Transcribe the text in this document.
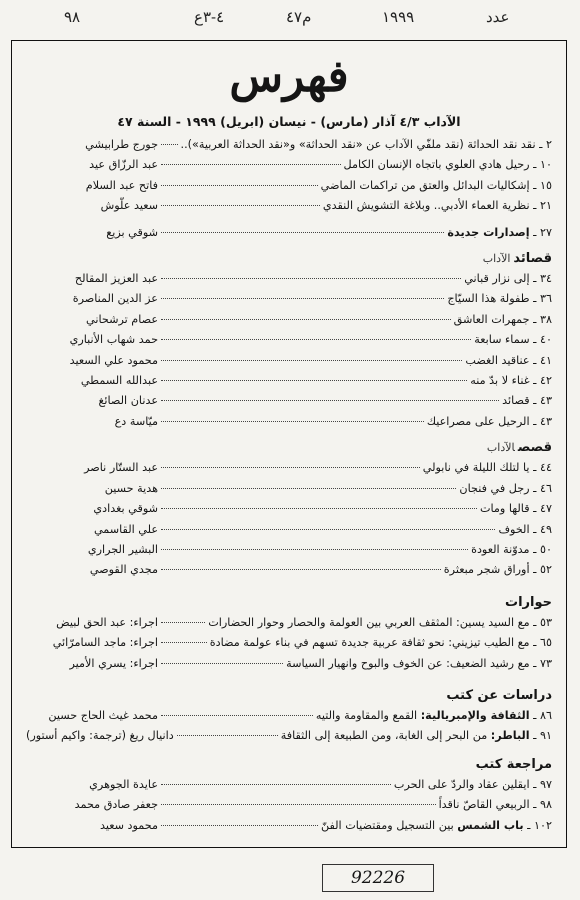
٩٨	٤-٣ع	م٤٧	١٩٩٩	عدد
فهرس
الآداب ٤/٣ آذار (مارس) - نيسان (ابريل) ١٩٩٩ - السنة ٤٧
٢ ـ نقد نقد الحداثة (نقد ملفّي الآداب عن «نقد الحداثة» و«نقد الحداثة العربية»)..
جورج طرابيشي
١٠ ـ رحيل هادي العلوي باتجاه الإنسان الكامل
عبد الرزّاق عيد
١٥ ـ إشكاليات البدائل والعتق من تراكمات الماضي
فاتح عبد السلام
٢١ ـ نظرية العماء الأدبي.. وبلاغة التشويش النقدي
سعيد علّوش
٢٧ ـ إصدارات جديدة
شوقي بزيع
قصائدالآداب
٣٤ ـ إلى نزار قباني
عبد العزيز المقالح
٣٦ ـ طفولة هذا السيّاج
عز الدين المناصرة
٣٨ ـ جمهرات العاشق
عصام ترشحاني
٤٠ ـ سماء سابعة
حمد شهاب الأنباري
٤١ ـ عناقيد الغضب
محمود علي السعيد
٤٢ ـ غناء لا بدّ منه
عبدالله السمطي
٤٣ ـ قصائد
عدنان الصائغ
٤٣ ـ الرحيل على مصراعيك
ميّاسة دع
قصصالآداب
٤٤ ـ يا لتلك الليلة في نابولي
عبد الستّار ناصر
٤٦ ـ رجل في فنجان
هدية حسين
٤٧ ـ قالها ومات
شوقي بغدادي
٤٩ ـ الخوف
علي القاسمي
٥٠ ـ مدوّنة العودة
البشير الجراري
٥٢ ـ أوراق شجر مبعثرة
مجدي القوصي
حوارات
٥٣ ـ مع السيد يسين: المثقف العربي بين العولمة والحصار وحوار الحضارات
اجراء: عبد الحق لبيض
٦٥ ـ مع الطيب تيزيني: نحو ثقافة عربية جديدة تسهم في بناء عولمة مضادة
اجراء: ماجد السامرّائي
٧٣ ـ مع رشيد الضعيف: عن الخوف والبوح وانهيار السياسة
اجراء: يسري الأمير
دراسات عن كتب
٨٦ ـ الثقافة والإمبريالية: القمع والمقاومة والتيه
محمد غيث الحاج حسين
٩١ ـ الباطر: من البحر إلى الغابة، ومن الطبيعة إلى الثقافة
دانيال ريغ (ترجمة: واكيم أستور)
مراجعة كتب
٩٧ ـ ايقلين عقاد والردّ على الحرب
عايدة الجوهري
٩٨ ـ الربيعي القاصّ ناقداً
جعفر صادق محمد
١٠٢ ـ باب الشمس بين التسجيل ومقتضيات الفنّ
محمود سعيد
92226
